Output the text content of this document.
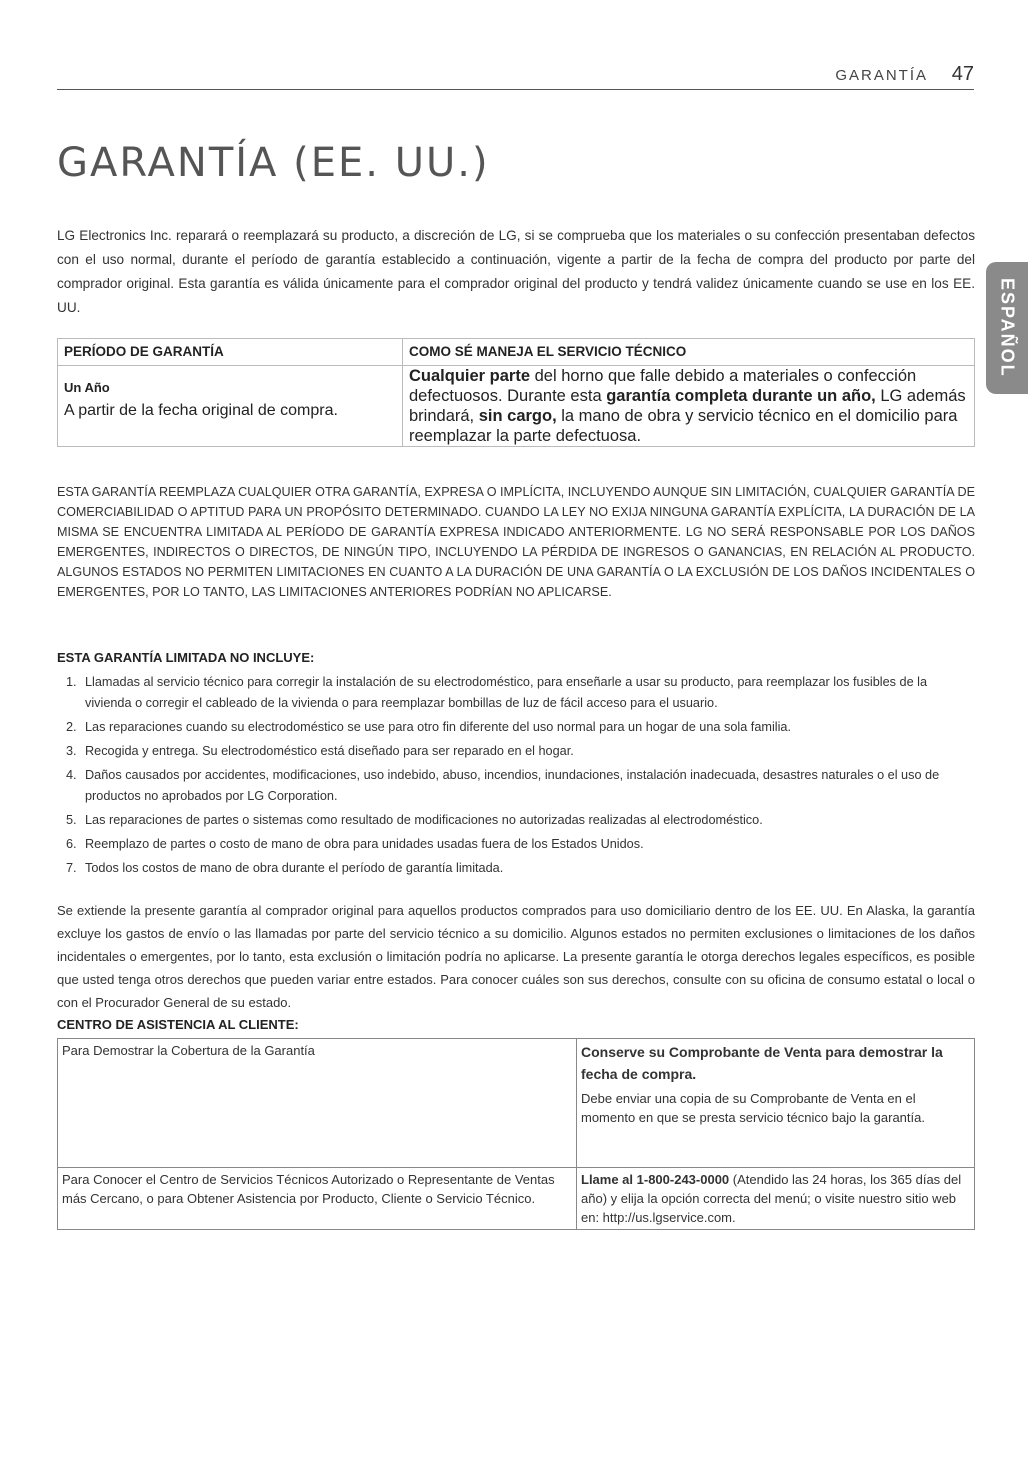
GARANTÍA 47
ESPAÑOL
GARANTÍA (EE. UU.)

LG Electronics Inc. reparará o reemplazará su producto, a discreción de LG, si se comprueba que los materiales o su confección presentaban defectos con el uso normal, durante el período de garantía establecido a continuación, vigente a partir de la fecha de compra del producto por parte del comprador original. Esta garantía es válida únicamente para el comprador original del producto y tendrá validez únicamente cuando se use en los EE. UU.

PERÍODO DE GARANTÍA	COMO SÉ MANEJA EL SERVICIO TÉCNICO

Un Año
A partir de la fecha original de compra.	Cualquier parte del horno que falle debido a materiales o confección defectuosos. Durante esta garantía completa durante un año, LG además brindará, sin cargo, la mano de obra y servicio técnico en el domicilio para reemplazar la parte defectuosa.

ESTA GARANTÍA REEMPLAZA CUALQUIER OTRA GARANTÍA, EXPRESA O IMPLÍCITA, INCLUYENDO AUNQUE SIN LIMITACIÓN, CUALQUIER GARANTÍA DE COMERCIABILIDAD O APTITUD PARA UN PROPÓSITO DETERMINADO. CUANDO LA LEY NO EXIJA NINGUNA GARANTÍA EXPLÍCITA, LA DURACIÓN DE LA MISMA SE ENCUENTRA LIMITADA AL PERÍODO DE GARANTÍA EXPRESA INDICADO ANTERIORMENTE. LG NO SERÁ RESPONSABLE POR LOS DAÑOS EMERGENTES, INDIRECTOS O DIRECTOS, DE NINGÚN TIPO, INCLUYENDO LA PÉRDIDA DE INGRESOS O GANANCIAS, EN RELACIÓN AL PRODUCTO. ALGUNOS ESTADOS NO PERMITEN LIMITACIONES EN CUANTO A LA DURACIÓN DE UNA GARANTÍA O LA EXCLUSIÓN DE LOS DAÑOS INCIDENTALES O EMERGENTES, POR LO TANTO, LAS LIMITACIONES ANTERIORES PODRÍAN NO APLICARSE.

ESTA GARANTÍA LIMITADA NO INCLUYE:
1. Llamadas al servicio técnico para corregir la instalación de su electrodoméstico, para enseñarle a usar su producto, para reemplazar los fusibles de la vivienda o corregir el cableado de la vivienda o para reemplazar bombillas de luz de fácil acceso para el usuario.
2. Las reparaciones cuando su electrodoméstico se use para otro fin diferente del uso normal para un hogar de una sola familia.
3. Recogida y entrega. Su electrodoméstico está diseñado para ser reparado en el hogar.
4. Daños causados por accidentes, modificaciones, uso indebido, abuso, incendios, inundaciones, instalación inadecuada, desastres naturales o el uso de productos no aprobados por LG Corporation.
5. Las reparaciones de partes o sistemas como resultado de modificaciones no autorizadas realizadas al electrodoméstico.
6. Reemplazo de partes o costo de mano de obra para unidades usadas fuera de los Estados Unidos.
7. Todos los costos de mano de obra durante el período de garantía limitada.

Se extiende la presente garantía al comprador original para aquellos productos comprados para uso domiciliario dentro de los EE. UU. En Alaska, la garantía excluye los gastos de envío o las llamadas por parte del servicio técnico a su domicilio. Algunos estados no permiten exclusiones o limitaciones de los daños incidentales o emergentes, por lo tanto, esta exclusión o limitación podría no aplicarse. La presente garantía le otorga derechos legales específicos, es posible que usted tenga otros derechos que pueden variar entre estados. Para conocer cuáles son sus derechos, consulte con su oficina de consumo estatal o local o con el Procurador General de su estado.

CENTRO DE ASISTENCIA AL CLIENTE:
Para Demostrar la Cobertura de la Garantía	Conserve su Comprobante de Venta para demostrar la fecha de compra.
Debe enviar una copia de su Comprobante de Venta en el momento en que se presta servicio técnico bajo la garantía.

Para Conocer el Centro de Servicios Técnicos Autorizado o Representante de Ventas más Cercano, o para Obtener Asistencia por Producto, Cliente o Servicio Técnico.	Llame al 1-800-243-0000 (Atendido las 24 horas, los 365 días del año) y elija la opción correcta del menú; o visite nuestro sitio web en: http://us.lgservice.com.
